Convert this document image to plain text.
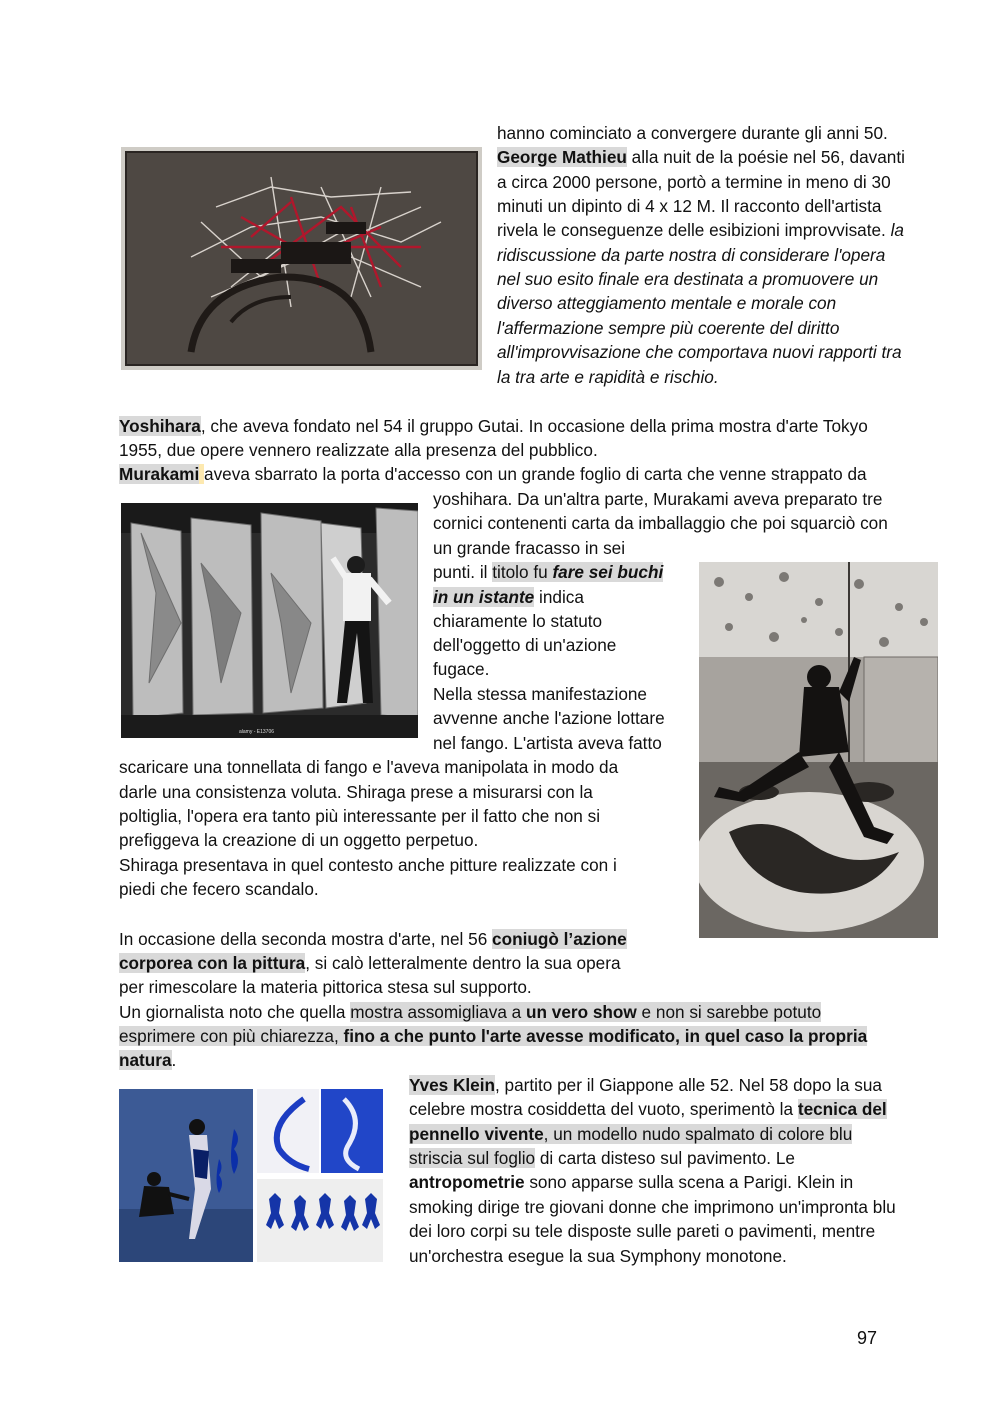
hanno cominciato a convergere durante gli anni 50.
George Mathieu alla nuit de la poésie nel 56, davanti
a circa 2000 persone, portò a termine in meno di 30
minuti un dipinto di 4 x 12 M. Il racconto dell'artista
rivela le conseguenze delle esibizioni improvvisate. la
ridiscussione da parte nostra di considerare l'opera
nel suo esito finale era destinata a promuovere un
diverso atteggiamento mentale e morale con
l'affermazione sempre più coerente del diritto
all'improvvisazione che comportava nuovi rapporti tra
la tra arte e rapidità e rischio.
Yoshihara, che aveva fondato nel 54 il gruppo Gutai. In occasione della prima mostra d'arte Tokyo
1955, due opere vennero realizzate alla presenza del pubblico.
Murakami aveva sbarrato la porta d'accesso con un grande foglio di carta che venne strappato da
alamy - E13706
yoshihara. Da un'altra parte, Murakami aveva preparato tre
cornici contenenti carta da imballaggio che poi squarciò con
un grande fracasso in sei
punti. il titolo fu fare sei buchi
in un istante indica
chiaramente lo statuto
dell'oggetto di un'azione
fugace.
Nella stessa manifestazione
avvenne anche l'azione lottare
nel fango. L'artista aveva fatto
scaricare una tonnellata di fango e l'aveva manipolata in modo da
darle una consistenza voluta. Shiraga prese a misurarsi con la
poltiglia, l'opera era tanto più interessante per il fatto che non si
prefiggeva la creazione di un oggetto perpetuo.
Shiraga presentava in quel contesto anche pitture realizzate con i
piedi che fecero scandalo.
In occasione della seconda mostra d'arte, nel 56 coniugò l’azione
corporea con la pittura, si calò letteralmente dentro la sua opera
per rimescolare la materia pittorica stesa sul supporto.
Un giornalista noto che quella mostra assomigliava a un vero show e non si sarebbe potuto
esprimere con più chiarezza, fino a che punto l'arte avesse modificato, in quel caso la propria
natura.
Yves Klein, partito per il Giappone alle 52. Nel 58 dopo la sua
celebre mostra cosiddetta del vuoto, sperimentò la tecnica del
pennello vivente, un modello nudo spalmato di colore blu
striscia sul foglio di carta disteso sul pavimento. Le
antropometrie sono apparse sulla scena a Parigi. Klein in
smoking dirige tre giovani donne che imprimono un'impronta blu
dei loro corpi su tele disposte sulle pareti o pavimenti, mentre
un'orchestra esegue la sua Symphony monotone.
97
